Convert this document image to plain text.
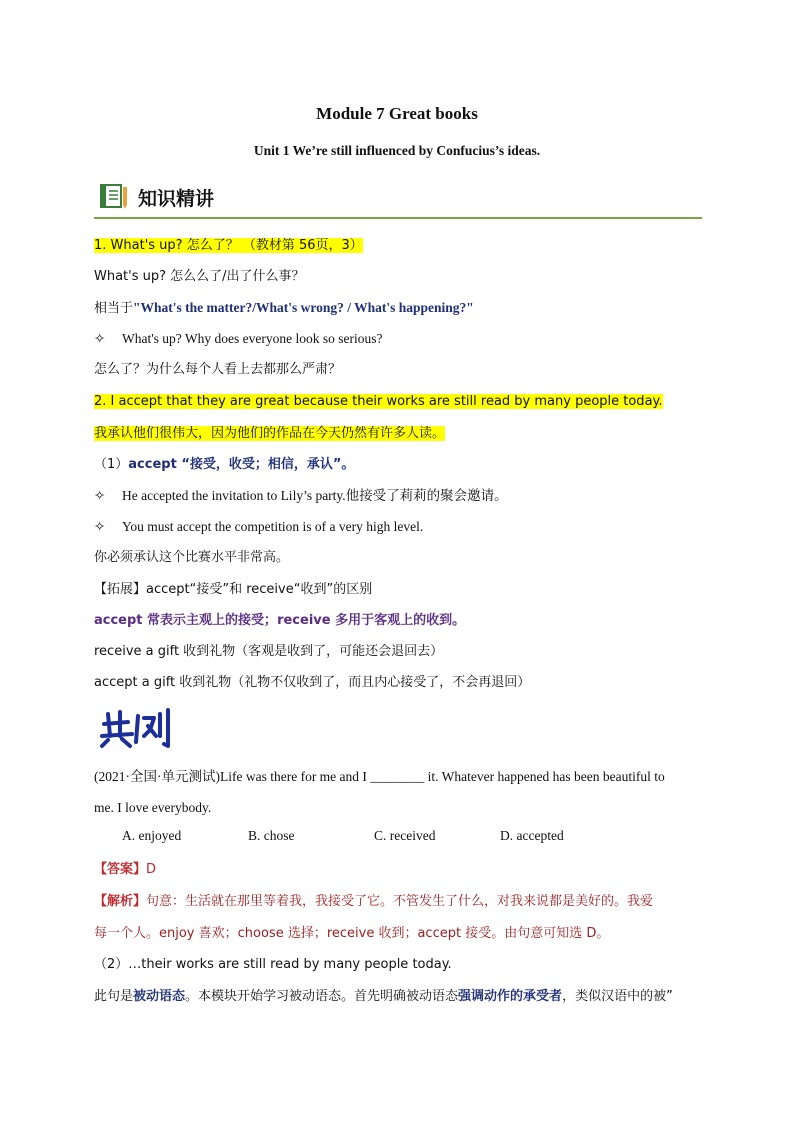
Module 7 Great books
Unit 1 We’re still influenced by Confucius’s ideas.
知识精讲
1. What's up? 怎么了？ （教材第 56页，3）
What's up? 怎么么了/出了什么事？
相当于"What's the matter?/What's wrong? / What's happening?"
✧ What's up? Why does everyone look so serious?
怎么了？为什么每个人看上去都那么严肃？
2. I accept that they are great because their works are still read by many people today.
我承认他们很伟大，因为他们的作品在今天仍然有许多人读。
（1）accept “接受，收受；相信，承认”。
✧ He accepted the invitation to Lily’s party.他接受了莉莉的聚会邀请。
✧ You must accept the competition is of a very high level.
你必须承认这个比赛水平非常高。
【拓展】accept“接受”和 receive“收到”的区别
accept 常表示主观上的接受；receive 多用于客观上的收到。
receive a gift 收到礼物（客观是收到了，可能还会退回去）
accept a gift 收到礼物（礼物不仅收到了，而且内心接受了，不会再退回）
(2021·全国·单元测试)Life was there for me and I ________ it. Whatever happened has been beautiful to
me. I love everybody.
A. enjoyed	B. chose	C. received	D. accepted
【答案】D
【解析】句意：生活就在那里等着我，我接受了它。不管发生了什么，对我来说都是美好的。我爱
每一个人。enjoy 喜欢；choose 选择；receive 收到；accept 接受。由句意可知选 D。
（2）…their works are still read by many people today.
此句是被动语态。本模块开始学习被动语态。首先明确被动语态强调动作的承受者，类似汉语中的被”
